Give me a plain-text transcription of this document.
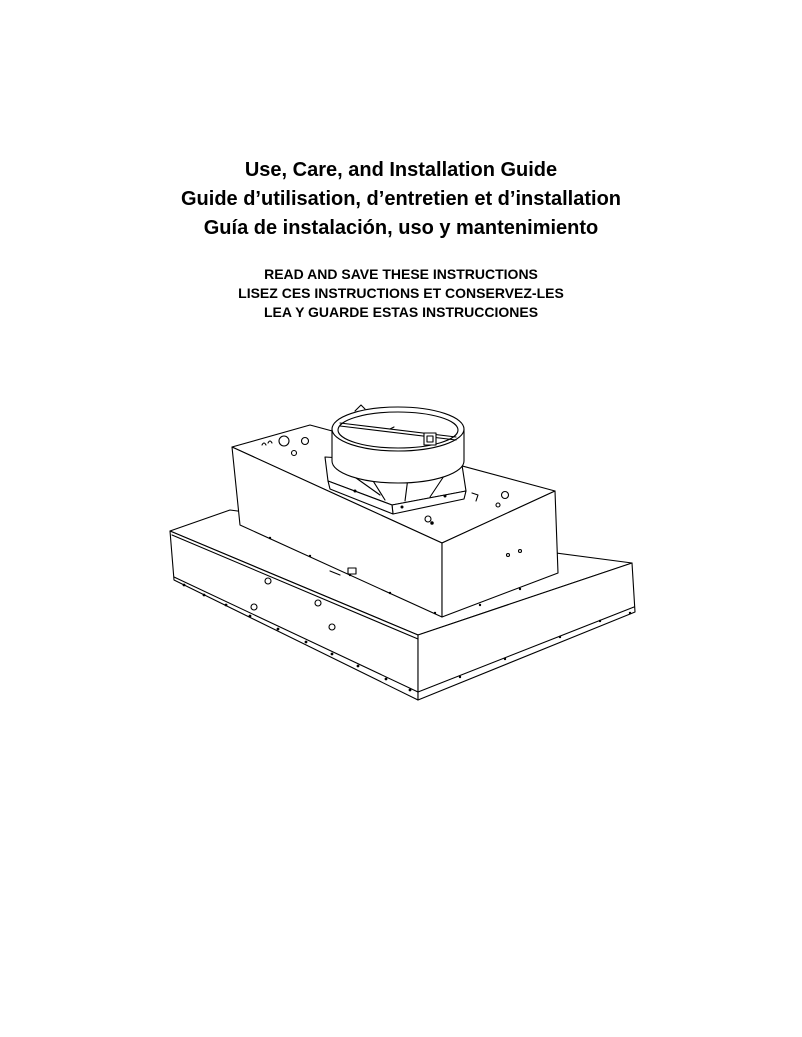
Use, Care, and Installation Guide
Guide d’utilisation, d’entretien et d’installation
Guía de instalación, uso y mantenimiento
READ AND SAVE THESE INSTRUCTIONS
LISEZ CES INSTRUCTIONS ET CONSERVEZ-LES
LEA Y GUARDE ESTAS INSTRUCCIONES
